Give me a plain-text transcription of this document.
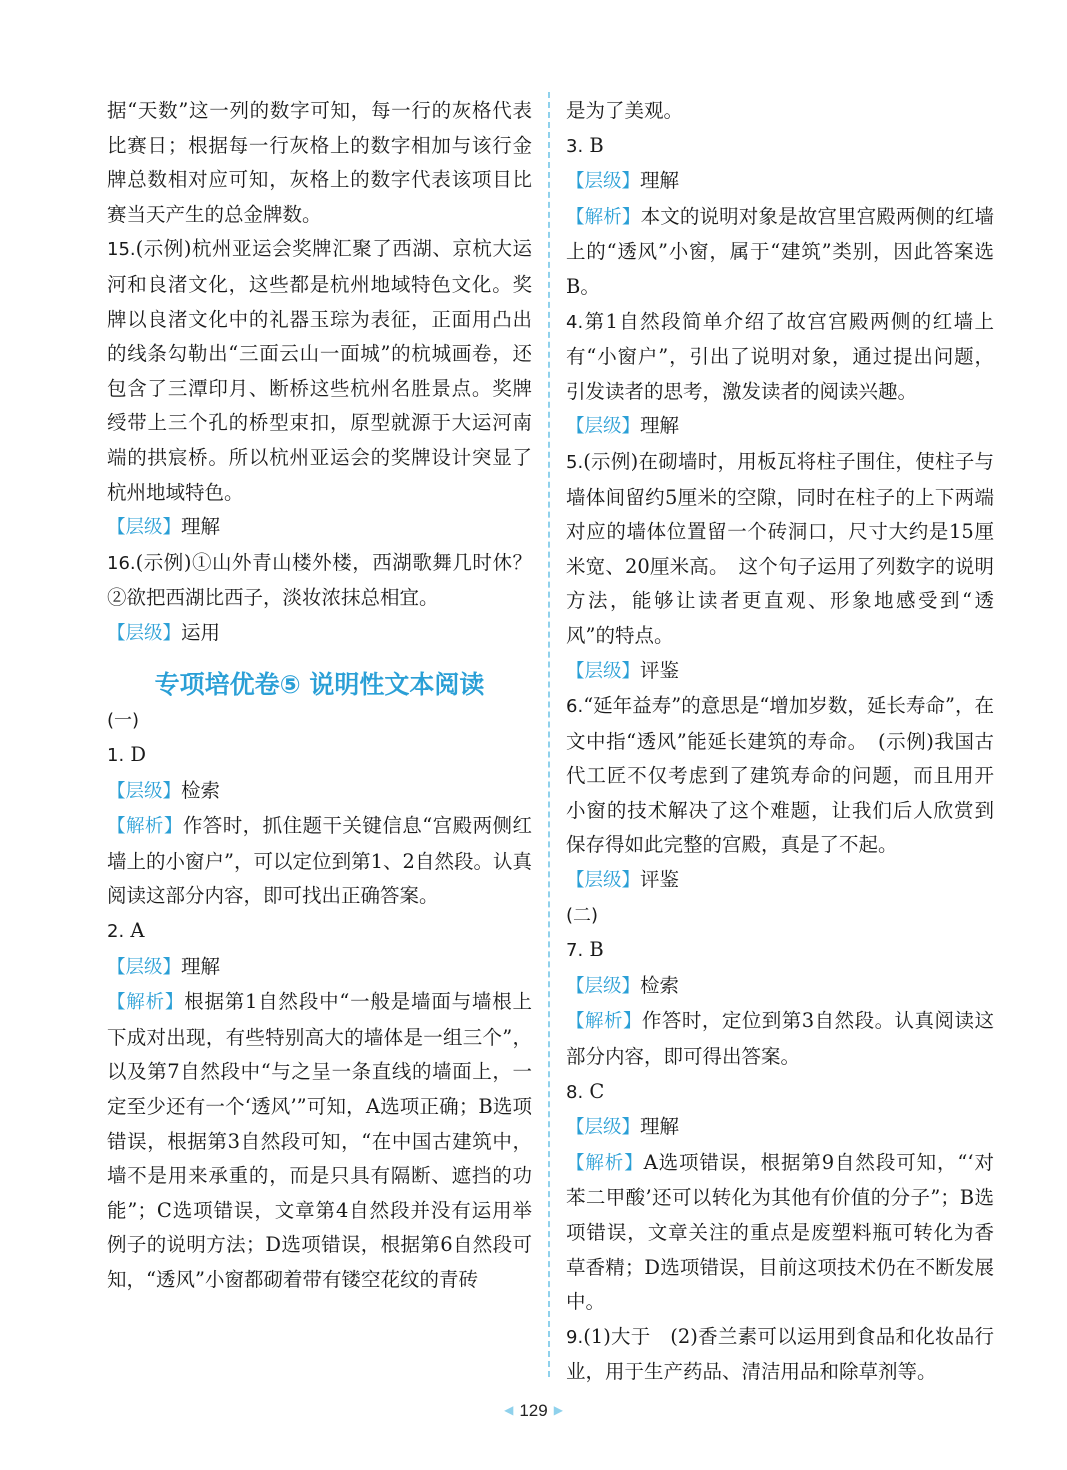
据“天数”这一列的数字可知，每一行的灰格代表比赛日；根据每一行灰格上的数字相加与该行金牌总数相对应可知，灰格上的数字代表该项目比赛当天产生的总金牌数。

15.(示例)杭州亚运会奖牌汇聚了西湖、京杭大运河和良渚文化，这些都是杭州地域特色文化。奖牌以良渚文化中的礼器玉琮为表征，正面用凸出的线条勾勒出“三面云山一面城”的杭城画卷，还包含了三潭印月、断桥这些杭州名胜景点。奖牌绶带上三个孔的桥型束扣，原型就源于大运河南端的拱宸桥。所以杭州亚运会的奖牌设计突显了杭州地域特色。

【层级】理解

16.(示例)①山外青山楼外楼，西湖歌舞几时休？　②欲把西湖比西子，淡妆浓抹总相宜。

【层级】运用

专项培优卷⑤ 说明性文本阅读

(一)

1. D

【层级】检索

【解析】作答时，抓住题干关键信息“宫殿两侧红墙上的小窗户”，可以定位到第1、2自然段。认真阅读这部分内容，即可找出正确答案。

2. A

【层级】理解

【解析】根据第1自然段中“一般是墙面与墙根上下成对出现，有些特别高大的墙体是一组三个”，以及第7自然段中“与之呈一条直线的墙面上，一定至少还有一个‘透风’”可知，A选项正确；B选项错误，根据第3自然段可知，“在中国古建筑中，墙不是用来承重的，而是只具有隔断、遮挡的功能”；C选项错误，文章第4自然段并没有运用举例子的说明方法；D选项错误，根据第6自然段可知，“透风”小窗都砌着带有镂空花纹的青砖

是为了美观。

3. B

【层级】理解

【解析】本文的说明对象是故宫里宫殿两侧的红墙上的“透风”小窗，属于“建筑”类别，因此答案选B。

4.第1自然段简单介绍了故宫宫殿两侧的红墙上有“小窗户”，引出了说明对象，通过提出问题，引发读者的思考，激发读者的阅读兴趣。

【层级】理解

5.(示例)在砌墙时，用板瓦将柱子围住，使柱子与墙体间留约5厘米的空隙，同时在柱子的上下两端对应的墙体位置留一个砖洞口，尺寸大约是15厘米宽、20厘米高。　这个句子运用了列数字的说明方法，能够让读者更直观、形象地感受到“透风”的特点。

【层级】评鉴

6.“延年益寿”的意思是“增加岁数，延长寿命”，在文中指“透风”能延长建筑的寿命。　(示例)我国古代工匠不仅考虑到了建筑寿命的问题，而且用开小窗的技术解决了这个难题，让我们后人欣赏到保存得如此完整的宫殿，真是了不起。

【层级】评鉴

(二)

7. B

【层级】检索

【解析】作答时，定位到第3自然段。认真阅读这部分内容，即可得出答案。

8. C

【层级】理解

【解析】A选项错误，根据第9自然段可知，“‘对苯二甲酸’还可以转化为其他有价值的分子”；B选项错误，文章关注的重点是废塑料瓶可转化为香草香精；D选项错误，目前这项技术仍在不断发展中。

9.(1)大于　(2)香兰素可以运用到食品和化妆品行业，用于生产药品、清洁用品和除草剂等。

◀ 129 ▶
